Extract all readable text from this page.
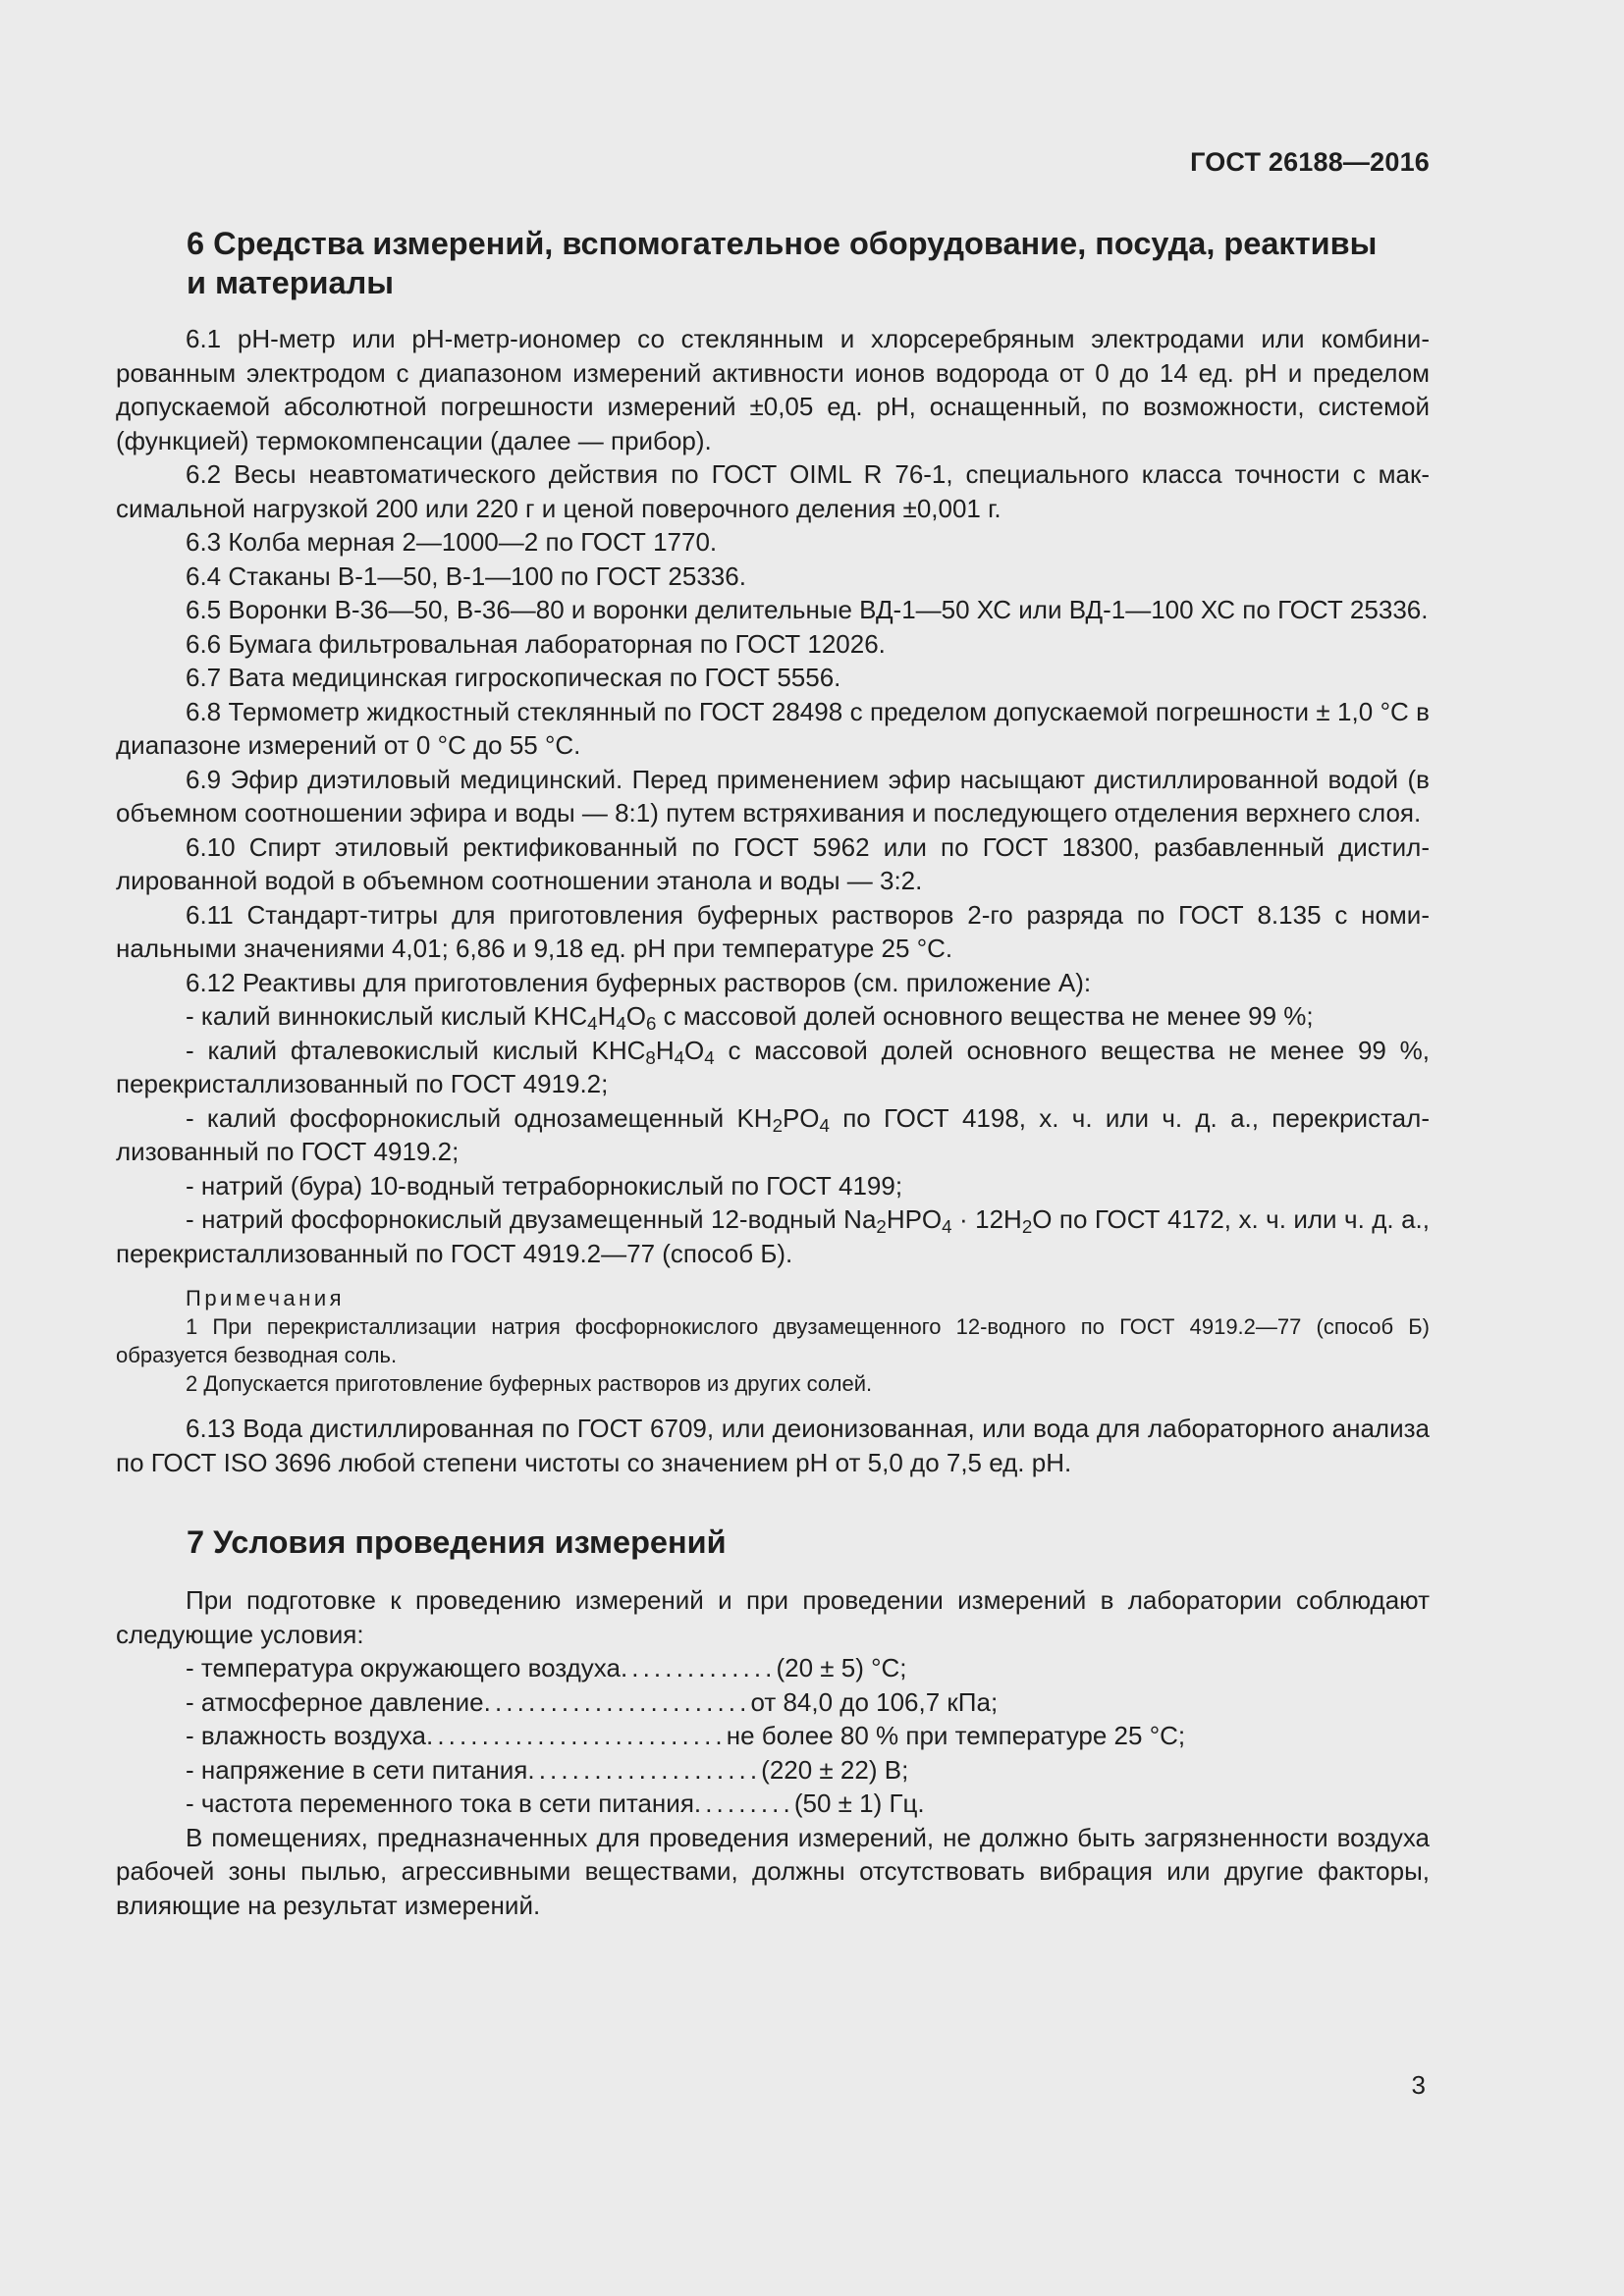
ГОСТ 26188—2016
6 Средства измерений, вспомогательное оборудование, посуда, реактивы
и материалы

6.1 рН-метр или рН-метр-иономер со стеклянным и хлорсеребряным электродами или комбинированным электродом с диапазоном измерений активности ионов водорода от 0 до 14 ед. рН и пределом допускаемой абсолютной погрешности измерений ±0,05 ед. рН, оснащенный, по возможности, системой (функцией) термокомпенсации (далее — прибор).

6.2 Весы неавтоматического действия по ГОСТ OIML R 76-1, специального класса точности с максимальной нагрузкой 200 или 220 г и ценой поверочного деления ±0,001 г.

6.3 Колба мерная 2—1000—2 по ГОСТ 1770.

6.4 Стаканы В-1—50, В-1—100 по ГОСТ 25336.

6.5 Воронки В-36—50, В-36—80 и воронки делительные ВД-1—50 ХС или ВД-1—100 ХС по ГОСТ 25336.

6.6 Бумага фильтровальная лабораторная по ГОСТ 12026.

6.7 Вата медицинская гигроскопическая по ГОСТ 5556.

6.8 Термометр жидкостный стеклянный по ГОСТ 28498 с пределом допускаемой погрешности ± 1,0 °С в диапазоне измерений от 0 °С до 55 °С.

6.9 Эфир диэтиловый медицинский. Перед применением эфир насыщают дистиллированной водой (в объемном соотношении эфира и воды — 8:1) путем встряхивания и последующего отделения верхнего слоя.

6.10 Спирт этиловый ректификованный по ГОСТ 5962 или по ГОСТ 18300, разбавленный дистиллированной водой в объемном соотношении этанола и воды — 3:2.

6.11 Стандарт-титры для приготовления буферных растворов 2-го разряда по ГОСТ 8.135 с номинальными значениями 4,01; 6,86 и 9,18 ед. рН при температуре 25 °С.

6.12 Реактивы для приготовления буферных растворов (см. приложение А):

- калий виннокислый кислый $KHC_4H_4O_6$ с массовой долей основного вещества не менее 99 %;

- калий фталевокислый кислый $KHC_8H_4O_4$ с массовой долей основного вещества не менее 99 %, перекристаллизованный по ГОСТ 4919.2;

- калий фосфорнокислый однозамещенный $KH_2PO_4$ по ГОСТ 4198, х. ч. или ч. д. а., перекристаллизованный по ГОСТ 4919.2;

- натрий (бура) 10-водный тетраборнокислый по ГОСТ 4199;

- натрий фосфорнокислый двузамещенный 12-водный $Na_2HPO_4 \cdot 12H_2O$ по ГОСТ 4172, х. ч. или ч. д. а., перекристаллизованный по ГОСТ 4919.2—77 (способ Б).

Примечания

1 При перекристаллизации натрия фосфорнокислого двузамещенного 12-водного по ГОСТ 4919.2—77 (способ Б) образуется безводная соль.

2 Допускается приготовление буферных растворов из других солей.

6.13 Вода дистиллированная по ГОСТ 6709, или деионизованная, или вода для лабораторного анализа по ГОСТ ISO 3696 любой степени чистоты со значением рН от 5,0 до 7,5 ед. рН.

7 Условия проведения измерений

При подготовке к проведению измерений и при проведении измерений в лаборатории соблюдают следующие условия:

- температура окружающего воздуха .............. (20 ± 5) °С;
- атмосферное давление ........................ от 84,0 до 106,7 кПа;
- влажность воздуха ........................... не более 80 % при температуре 25 °С;
- напряжение в сети питания ..................... (220 ± 22) В;
- частота переменного тока в сети питания ......... (50 ± 1) Гц.

В помещениях, предназначенных для проведения измерений, не должно быть загрязненности воздуха рабочей зоны пылью, агрессивными веществами, должны отсутствовать вибрация или другие факторы, влияющие на результат измерений.

3
